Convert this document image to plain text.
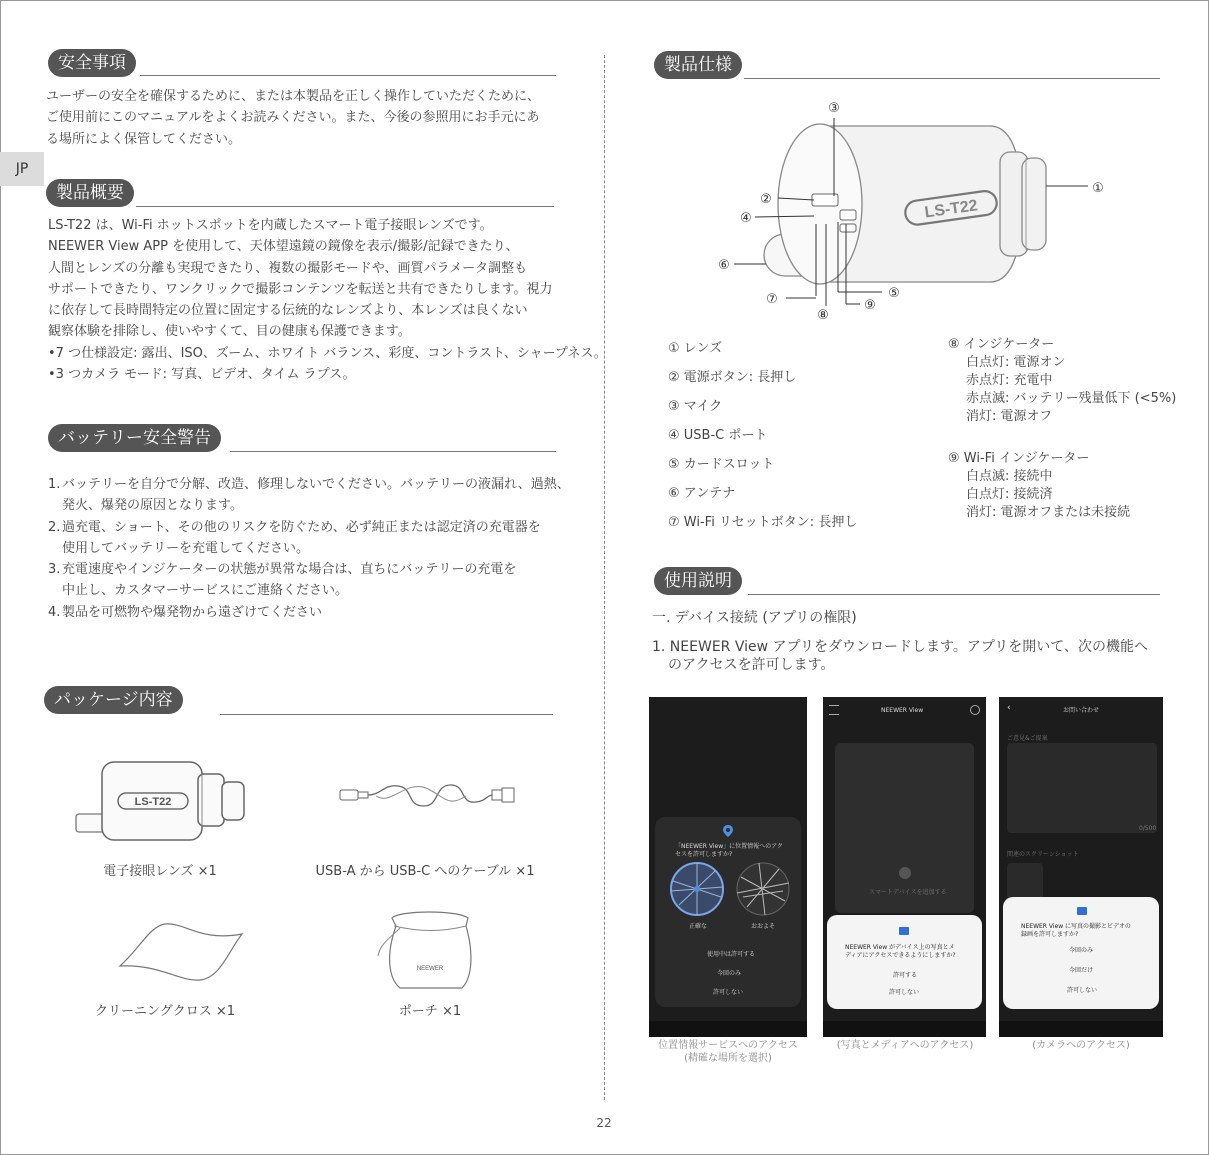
JP
安全事項

ユーザーの安全を確保するために、または本製品を正しく操作していただくために、

ご使用前にこのマニュアルをよくお読みください。また、今後の参照用にお手元にあ

る場所によく保管してください。

製品概要

LS-T22 は、Wi-Fi ホットスポットを内蔵したスマート電子接眼レンズです。

NEEWER View APP を使用して、天体望遠鏡の鏡像を表示/撮影/記録できたり、

人間とレンズの分離も実現できたり、複数の撮影モードや、画質パラメータ調整も

サポートできたり、ワンクリックで撮影コンテンツを転送と共有できたりします。視力

に依存して長時間特定の位置に固定する伝統的なレンズより、本レンズは良くない

観察体験を排除し、使いやすくて、目の健康も保護できます。

•7 つ仕様設定: 露出、ISO、ズーム、ホワイト バランス、彩度、コントラスト、シャープネス。

•3 つカメラ モード: 写真、ビデオ、タイム ラプス。

バッテリー安全警告
1. バッテリーを自分で分解、改造、修理しないでください。バッテリーの液漏れ、過熱、
発火、爆発の原因となります。
2. 過充電、ショート、その他のリスクを防ぐため、必ず純正または認定済の充電器を
使用してバッテリーを充電してください。
3. 充電速度やインジケーターの状態が異常な場合は、直ちにバッテリーの充電を
中止し、カスタマーサービスにご連絡ください。
4. 製品を可燃物や爆発物から遠ざけてください
パッケージ内容
LS-T22
電子接眼レンズ ×1	USB-A から USB-C へのケーブル ×1
クリーニングクロス ×1
NEEWER
ポーチ ×1
製品仕様
LS-T22
③
①
②
④
⑥
⑤
⑨
⑦
⑧
① レンズ
② 電源ボタン: 長押し
③ マイク
④ USB-C ポート
⑤ カードスロット
⑥ アンテナ
⑦ Wi-Fi リセットボタン: 長押し

⑧ インジケーター

白点灯: 電源オン

赤点灯: 充電中

赤点滅: バッテリー残量低下 (<5%)

消灯: 電源オフ

⑨ Wi-Fi インジケーター

白点滅: 接続中

白点灯: 接続済

消灯: 電源オフまたは未接続

使用説明

一. デバイス接続 (アプリの権限)

1. NEEWER View アプリをダウンロードします。アプリを開いて、次の機能へ

のアクセスを許可します。

「NEEWER View」に位置情報へのアク
セスを許可しますか?
正確な	おおよそ
使用中は許可する
今回のみ
許可しない

位置情報サービスへのアクセス

(精確な場所を選択)

NEEWER View
スマートデバイスを追加する
NEEWER View がデバイス上の写真とメ
ディアにアクセスできるようにしますか?
許可する
許可しない

(写真とメディアへのアクセス)

‹	お問い合わせ
ご意見&ご提案
0/500
関連のスクリーンショット
NEEWER View に写真の撮影とビデオの
録画を許可しますか?
今回のみ
今回だけ
許可しない

(カメラへのアクセス)

22
